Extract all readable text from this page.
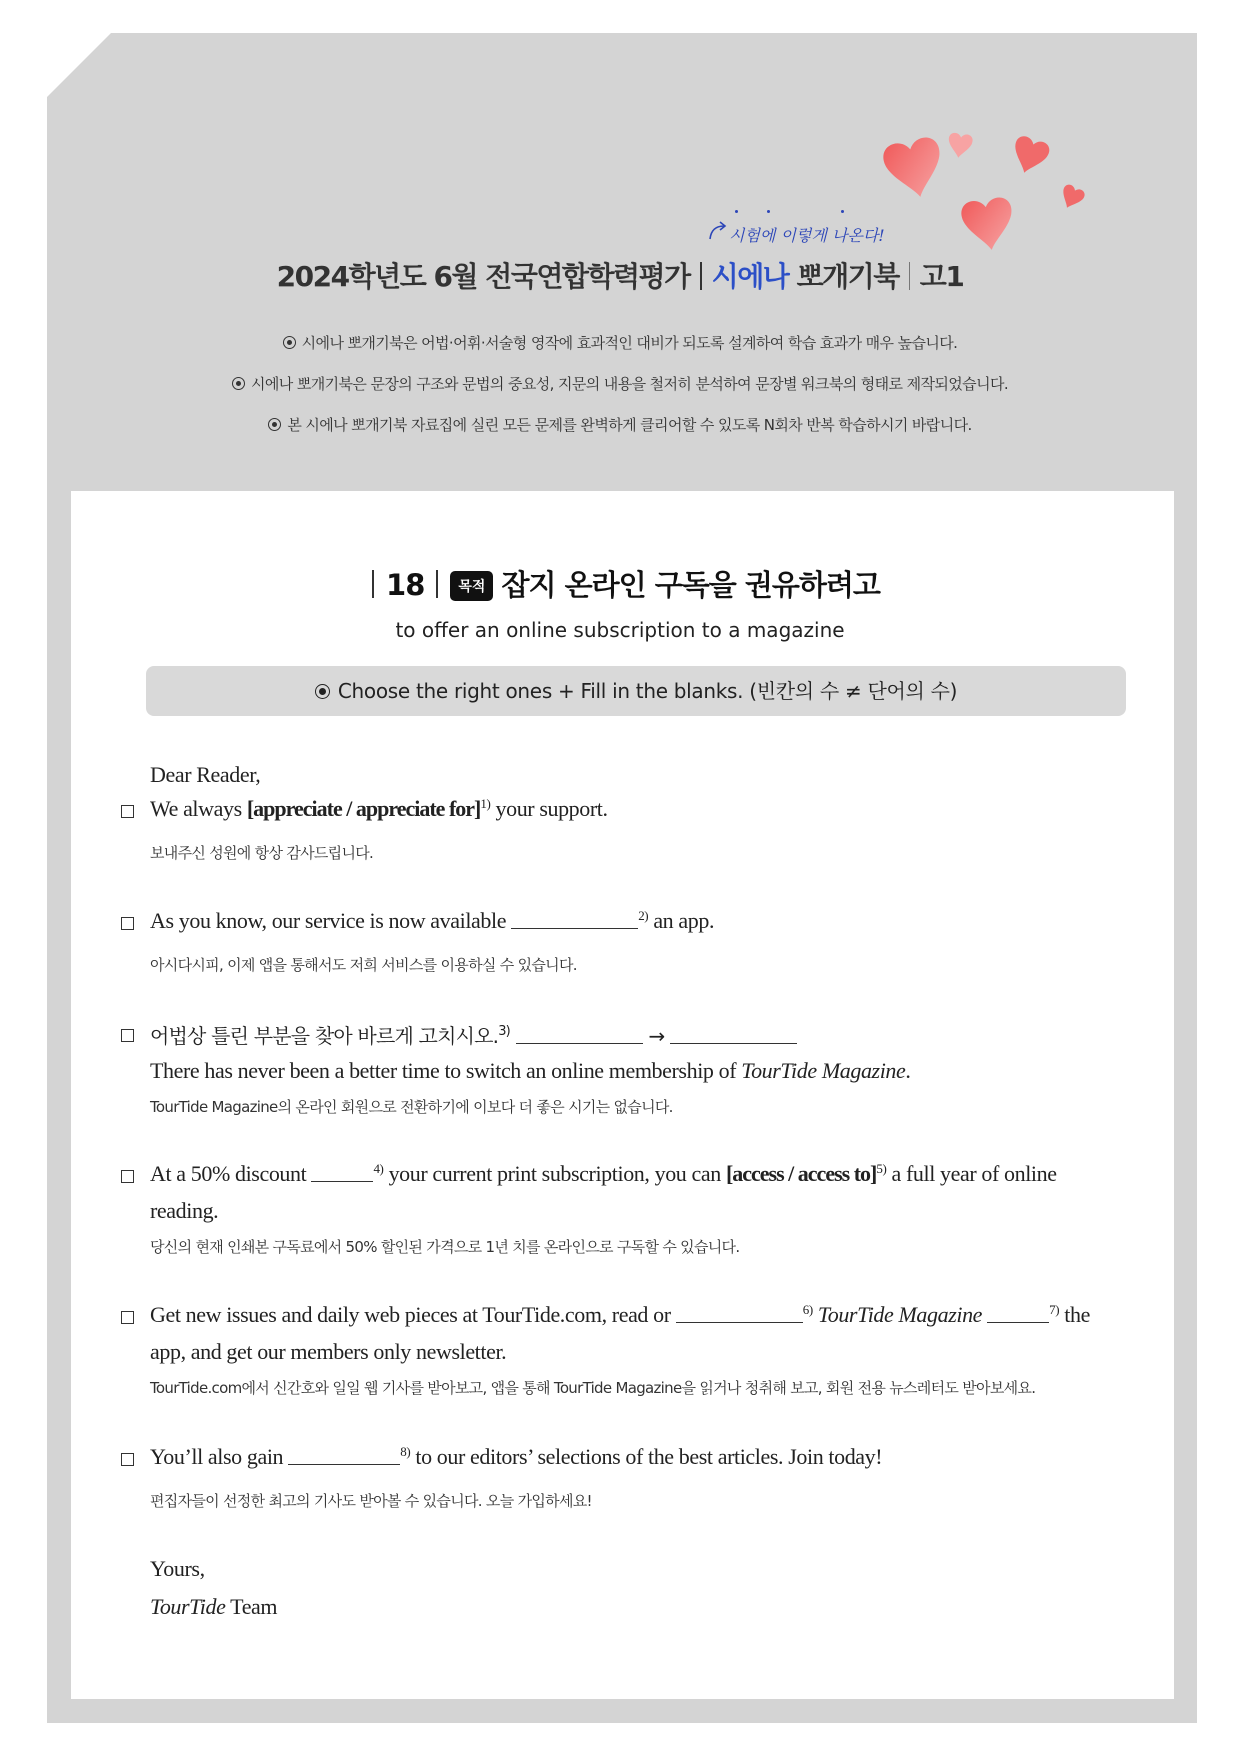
시험에 이렇게 나온다!
2024학년도 6월 전국연합학력평가 시에나 뽀개기북 고1
시에나 뽀개기북은 어법·어휘·서술형 영작에 효과적인 대비가 되도록 설계하여 학습 효과가 매우 높습니다.
시에나 뽀개기북은 문장의 구조와 문법의 중요성, 지문의 내용을 철저히 분석하여 문장별 워크북의 형태로 제작되었습니다.
본 시에나 뽀개기북 자료집에 실린 모든 문제를 완벽하게 클리어할 수 있도록 N회차 반복 학습하시기 바랍니다.
18 목적 잡지 온라인 구독을 권유하려고
to offer an online subscription to a magazine
Choose the right ones + Fill in the blanks. (빈칸의 수 ≠ 단어의 수)
Dear Reader,
We always [appreciate / appreciate for]$^{1)}$ your support.
보내주신 성원에 항상 감사드립니다.
As you know, our service is now available	$^{2)}$ an app.
아시다시피, 이제 앱을 통해서도 저희 서비스를 이용하실 수 있습니다.
어법상 틀린 부분을 찾아 바르게 고치시오.$^{3)}$	→
There has never been a better time to switch an online membership of TourTide Magazine.
TourTide Magazine의 온라인 회원으로 전환하기에 이보다 더 좋은 시기는 없습니다.
At a 50% discount	$^{4)}$ your current print subscription, you can [access / access to]$^{5)}$ a full year of online
reading.
당신의 현재 인쇄본 구독료에서 50% 할인된 가격으로 1년 치를 온라인으로 구독할 수 있습니다.
Get new issues and daily web pieces at TourTide.com, read or	$^{6)}$ TourTide Magazine	$^{7)}$ the
app, and get our members only newsletter.
TourTide.com에서 신간호와 일일 웹 기사를 받아보고, 앱을 통해 TourTide Magazine을 읽거나 청취해 보고, 회원 전용 뉴스레터도 받아보세요.
You’ll also gain	$^{8)}$ to our editors’ selections of the best articles. Join today!
편집자들이 선정한 최고의 기사도 받아볼 수 있습니다. 오늘 가입하세요!
Yours,
TourTide Team
